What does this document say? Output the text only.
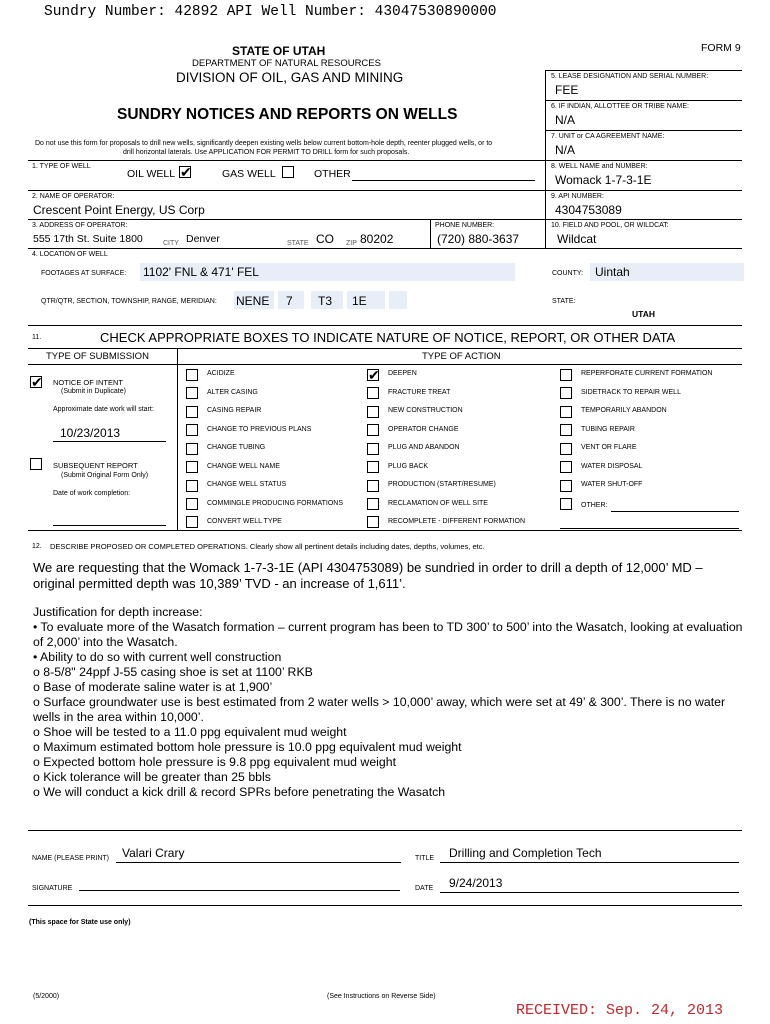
Sundry Number: 42892 API Well Number: 43047530890000
STATE OF UTAH
DEPARTMENT OF NATURAL RESOURCES
DIVISION OF OIL, GAS AND MINING
FORM 9
SUNDRY NOTICES AND REPORTS ON WELLS
Do not use this form for proposals to drill new wells, significantly deepen existing wells below current bottom-hole depth, reenter plugged wells, or to
drill horizontal laterals. Use APPLICATION FOR PERMIT TO DRILL form for such proposals.
5. LEASE DESIGNATION AND SERIAL NUMBER:
FEE
6. IF INDIAN, ALLOTTEE OR TRIBE NAME:
N/A
7. UNIT or CA AGREEMENT NAME:
N/A
8. WELL NAME and NUMBER:
Womack 1-7-3-1E
9. API NUMBER:
4304753089
10. FIELD AND POOL, OR WILDCAT:
Wildcat
1. TYPE OF WELL
OIL WELL ✔	GAS WELL	OTHER
2. NAME OF OPERATOR:
Crescent Point Energy, US Corp
3. ADDRESS OF OPERATOR:
555 17th St. Suite 1800	CITY Denver	STATE CO ZIP 80202
PHONE NUMBER:
(720) 880-3637
4. LOCATION OF WELL
FOOTAGES AT SURFACE: 1102' FNL & 471' FEL	COUNTY: Uintah
QTR/QTR, SECTION, TOWNSHIP, RANGE, MERIDIAN: NENE 7 T3 1E	STATE:
UTAH
11.	CHECK APPROPRIATE BOXES TO INDICATE NATURE OF NOTICE, REPORT, OR OTHER DATA
TYPE OF SUBMISSION	TYPE OF ACTION
✔ NOTICE OF INTENT
(Submit in Duplicate)
Approximate date work will start:
10/23/2013
SUBSEQUENT REPORT
(Submit Original Form Only)
Date of work completion:
ACIDIZE
ALTER CASING
CASING REPAIR
CHANGE TO PREVIOUS PLANS
CHANGE TUBING
CHANGE WELL NAME
CHANGE WELL STATUS
COMMINGLE PRODUCING FORMATIONS
CONVERT WELL TYPE
✔ DEEPEN
FRACTURE TREAT
NEW CONSTRUCTION
OPERATOR CHANGE
PLUG AND ABANDON
PLUG BACK
PRODUCTION (START/RESUME)
RECLAMATION OF WELL SITE
RECOMPLETE - DIFFERENT FORMATION
REPERFORATE CURRENT FORMATION
SIDETRACK TO REPAIR WELL
TEMPORARILY ABANDON
TUBING REPAIR
VENT OR FLARE
WATER DISPOSAL
WATER SHUT-OFF
OTHER:
12. DESCRIBE PROPOSED OR COMPLETED OPERATIONS. Clearly show all pertinent details including dates, depths, volumes, etc.
We are requesting that the Womack 1-7-3-1E (API 4304753089) be sundried in order to drill a depth of 12,000’ MD – original permitted depth was 10,389’ TVD - an increase of 1,611’.

Justification for depth increase:

• To evaluate more of the Wasatch formation – current program has been to TD 300’ to 500’ into the Wasatch, looking at evaluation of 2,000’ into the Wasatch.

• Ability to do so with current well construction

o 8-5/8" 24ppf J-55 casing shoe is set at 1100’ RKB

o Base of moderate saline water is at 1,900’

o Surface groundwater use is best estimated from 2 water wells > 10,000’ away, which were set at 49’ & 300’. There is no water wells in the area within 10,000’.

o Shoe will be tested to a 11.0 ppg equivalent mud weight

o Maximum estimated bottom hole pressure is 10.0 ppg equivalent mud weight

o Expected bottom hole pressure is 9.8 ppg equivalent mud weight

o Kick tolerance will be greater than 25 bbls

o We will conduct a kick drill & record SPRs before penetrating the Wasatch

NAME (PLEASE PRINT) Valari Crary	TITLE Drilling and Completion Tech
SIGNATURE	DATE 9/24/2013
(This space for State use only)
(5/2000)	(See Instructions on Reverse Side)
RECEIVED: Sep. 24, 2013
